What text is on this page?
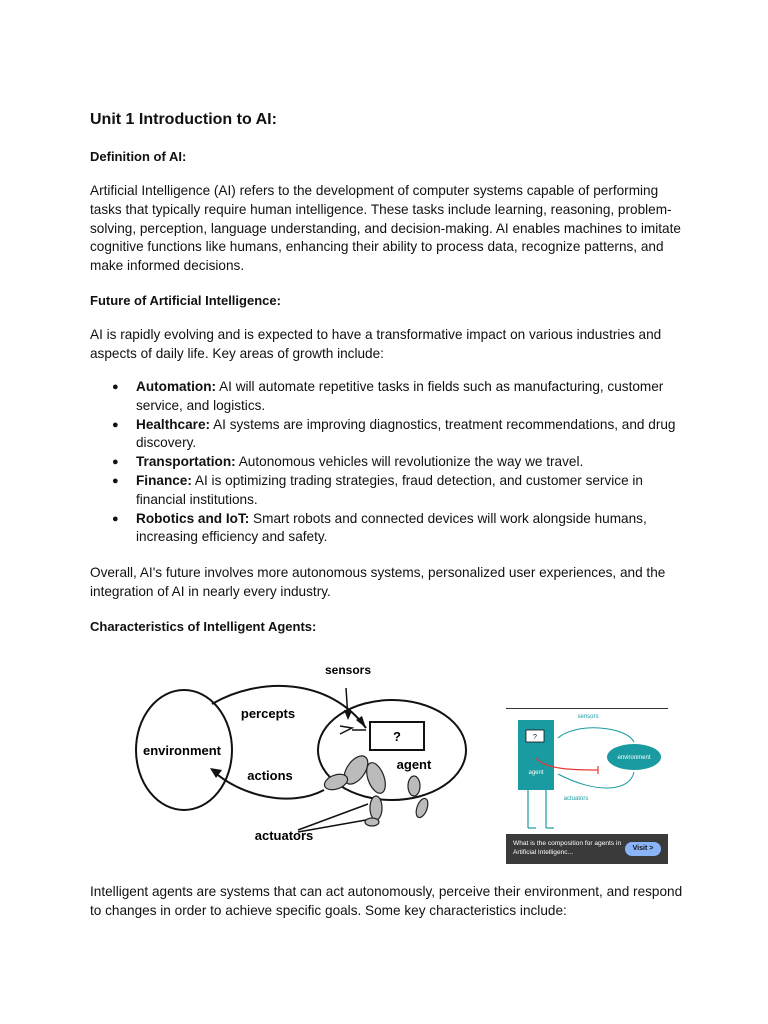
Unit 1 Introduction to AI:
Definition of AI:

Artificial Intelligence (AI) refers to the development of computer systems capable of performing tasks that typically require human intelligence. These tasks include learning, reasoning, problem-solving, perception, language understanding, and decision-making. AI enables machines to imitate cognitive functions like humans, enhancing their ability to process data, recognize patterns, and make informed decisions.

Future of Artificial Intelligence:

AI is rapidly evolving and is expected to have a transformative impact on various industries and aspects of daily life. Key areas of growth include:

● Automation: AI will automate repetitive tasks in fields such as manufacturing, customer service, and logistics.
● Healthcare: AI systems are improving diagnostics, treatment recommendations, and drug discovery.
● Transportation: Autonomous vehicles will revolutionize the way we travel.
● Finance: AI is optimizing trading strategies, fraud detection, and customer service in financial institutions.
● Robotics and IoT: Smart robots and connected devices will work alongside humans, increasing efficiency and safety.

Overall, AI's future involves more autonomous systems, personalized user experiences, and the integration of AI in nearly every industry.

Characteristics of Intelligent Agents:

Intelligent agents are systems that can act autonomously, perceive their environment, and respond to changes in order to achieve specific goals. Some key characteristics include:

sensors
percepts
environment
actions
?
agent
actuators
sensors
?
agent
environment
actuators
What is the composition for agents in Artificial Intelligenc...
Visit >
